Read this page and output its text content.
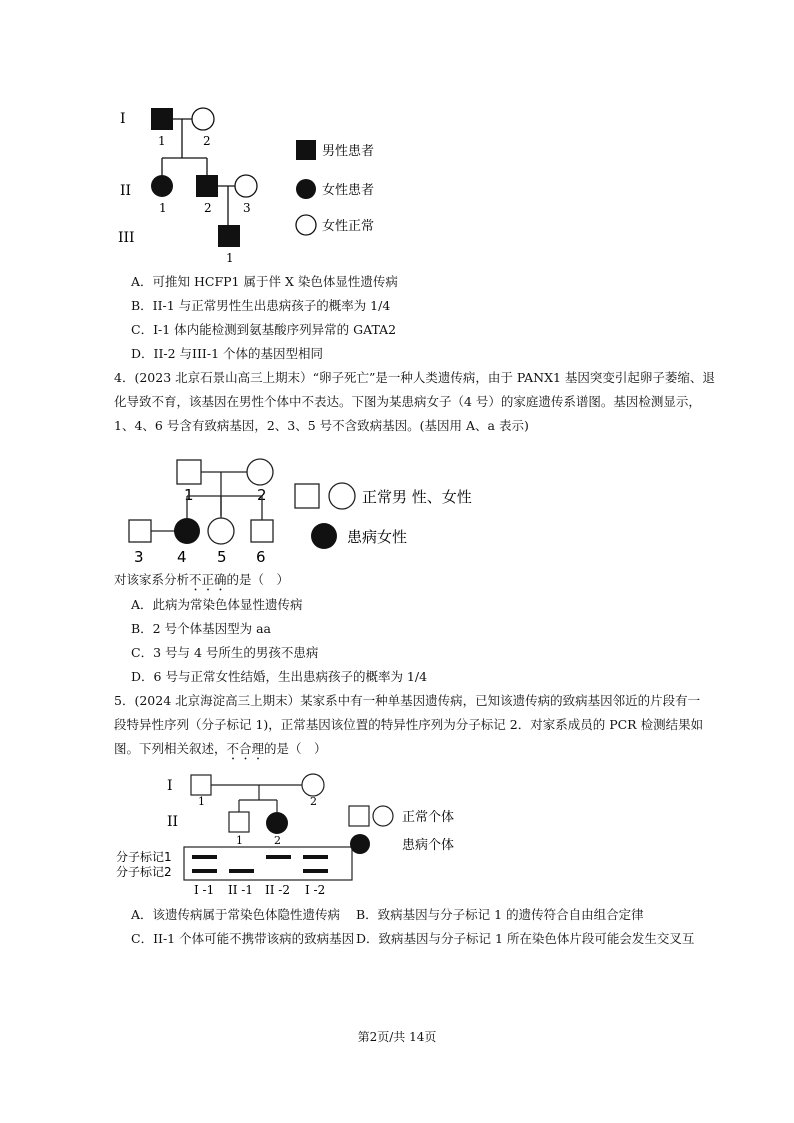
I
II
III
1	2
1	2	3
1
男性患者
女性患者
女性正常
A．可推知 HCFP1 属于伴 X 染色体显性遗传病
B．II-1 与正常男性生出患病孩子的概率为 1/4
C．I-1 体内能检测到氨基酸序列异常的 GATA2
D．II-2 与III-1 个体的基因型相同
4．(2023 北京石景山高三上期末）“卵子死亡”是一种人类遗传病，由于 PANX1 基因突变引起卵子萎缩、退
化导致不育，该基因在男性个体中不表达。下图为某患病女子（4 号）的家庭遗传系谱图。基因检测显示，
1、4、6 号含有致病基因，2、3、5 号不含致病基因。(基因用 A、a 表示)
1	2
3 4 5 6
正常男 性、女性
患病女性
对该家系分析不正确的是（　）
A．此病为常染色体显性遗传病
B．2 号个体基因型为 aa
C．3 号与 4 号所生的男孩不患病
D．6 号与正常女性结婚，生出患病孩子的概率为 1/4
5．(2024 北京海淀高三上期末）某家系中有一种单基因遗传病，已知该遗传病的致病基因邻近的片段有一
段特异性序列（分子标记 1)，正常基因该位置的特异性序列为分子标记 2．对家系成员的 PCR 检测结果如
图。下列相关叙述，不合理的是（　）
I
II
1	2
1	2
分子标记1
分子标记2
I -1 II -1 II -2 I -2
正常个体
患病个体
A．该遗传病属于常染色体隐性遗传病 B．致病基因与分子标记 1 的遗传符合自由组合定律
C．II-1 个体可能不携带该病的致病基因 D．致病基因与分子标记 1 所在染色体片段可能会发生交叉互
第2页/共 14页
